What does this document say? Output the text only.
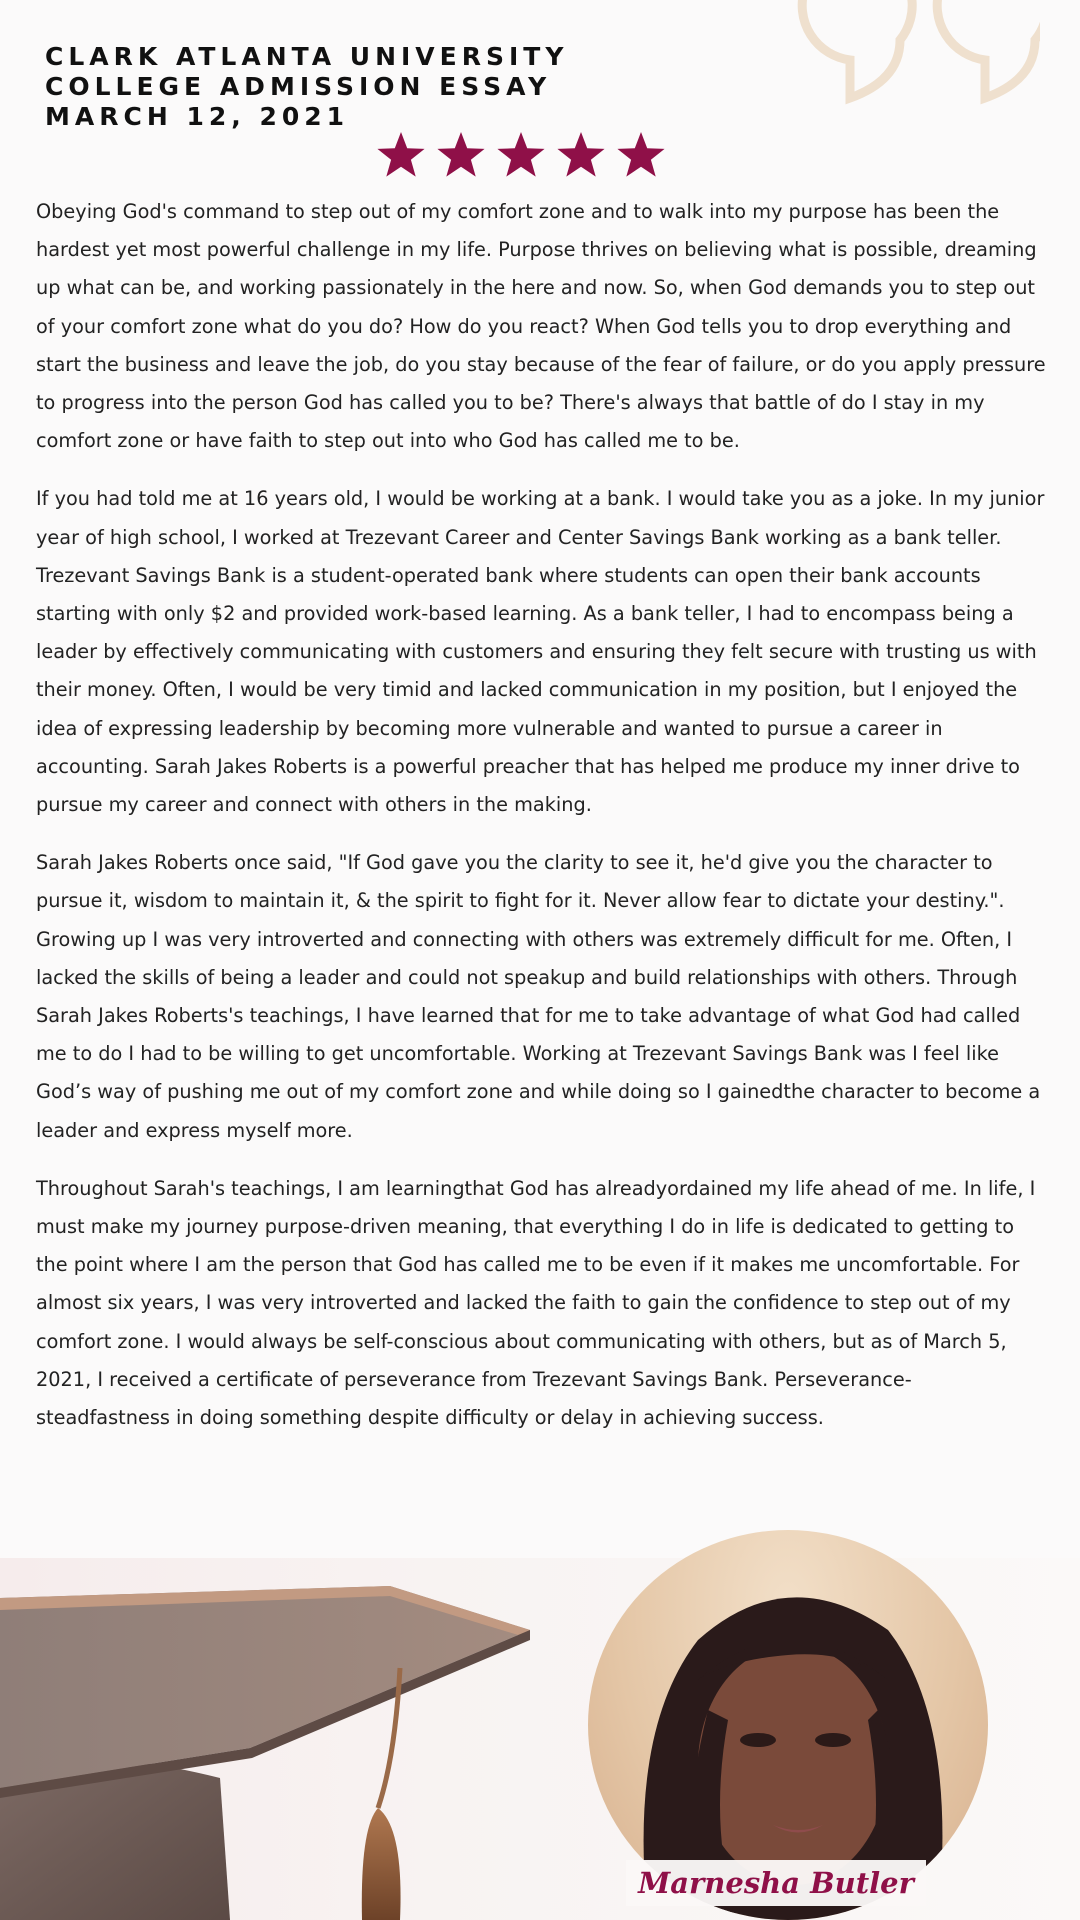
CLARK ATLANTA UNIVERSITY
COLLEGE ADMISSION ESSAY
MARCH 12, 2021

Obeying God's command to step out of my comfort zone and to walk into my purpose has been the hardest yet most powerful challenge in my life. Purpose thrives on believing what is possible, dreaming up what can be, and working passionately in the here and now. So, when God demands you to step out of your comfort zone what do you do? How do you react? When God tells you to drop everything and start the business and leave the job, do you stay because of the fear of failure, or do you apply pressure to progress into the person God has called you to be? There's always that battle of do I stay in my comfort zone or have faith to step out into who God has called me to be.

If you had told me at 16 years old, I would be working at a bank. I would take you as a joke. In my junior year of high school, I worked at Trezevant Career and Center Savings Bank working as a bank teller. Trezevant Savings Bank is a student-operated bank where students can open their bank accounts starting with only $2 and provided work-based learning. As a bank teller, I had to encompass being a leader by effectively communicating with customers and ensuring they felt secure with trusting us with their money. Often, I would be very timid and lacked communication in my position, but I enjoyed the idea of expressing leadership by becoming more vulnerable and wanted to pursue a career in accounting. Sarah Jakes Roberts is a powerful preacher that has helped me produce my inner drive to pursue my career and connect with others in the making.

Sarah Jakes Roberts once said, "If God gave you the clarity to see it, he'd give you the character to pursue it, wisdom to maintain it, & the spirit to fight for it. Never allow fear to dictate your destiny.". Growing up I was very introverted and connecting with others was extremely difficult for me. Often, I lacked the skills of being a leader and could not speakup and build relationships with others. Through Sarah Jakes Roberts's teachings, I have learned that for me to take advantage of what God had called me to do I had to be willing to get uncomfortable. Working at Trezevant Savings Bank was I feel like God’s way of pushing me out of my comfort zone and while doing so I gainedthe character to become a leader and express myself more.

Throughout Sarah's teachings, I am learningthat God has alreadyordained my life ahead of me. In life, I must make my journey purpose-driven meaning, that everything I do in life is dedicated to getting to the point where I am the person that God has called me to be even if it makes me uncomfortable. For almost six years, I was very introverted and lacked the faith to gain the confidence to step out of my comfort zone. I would always be self-conscious about communicating with others, but as of March 5, 2021, I received a certificate of perseverance from Trezevant Savings Bank. Perseverance- steadfastness in doing something despite difficulty or delay in achieving success.

Marnesha Butler
